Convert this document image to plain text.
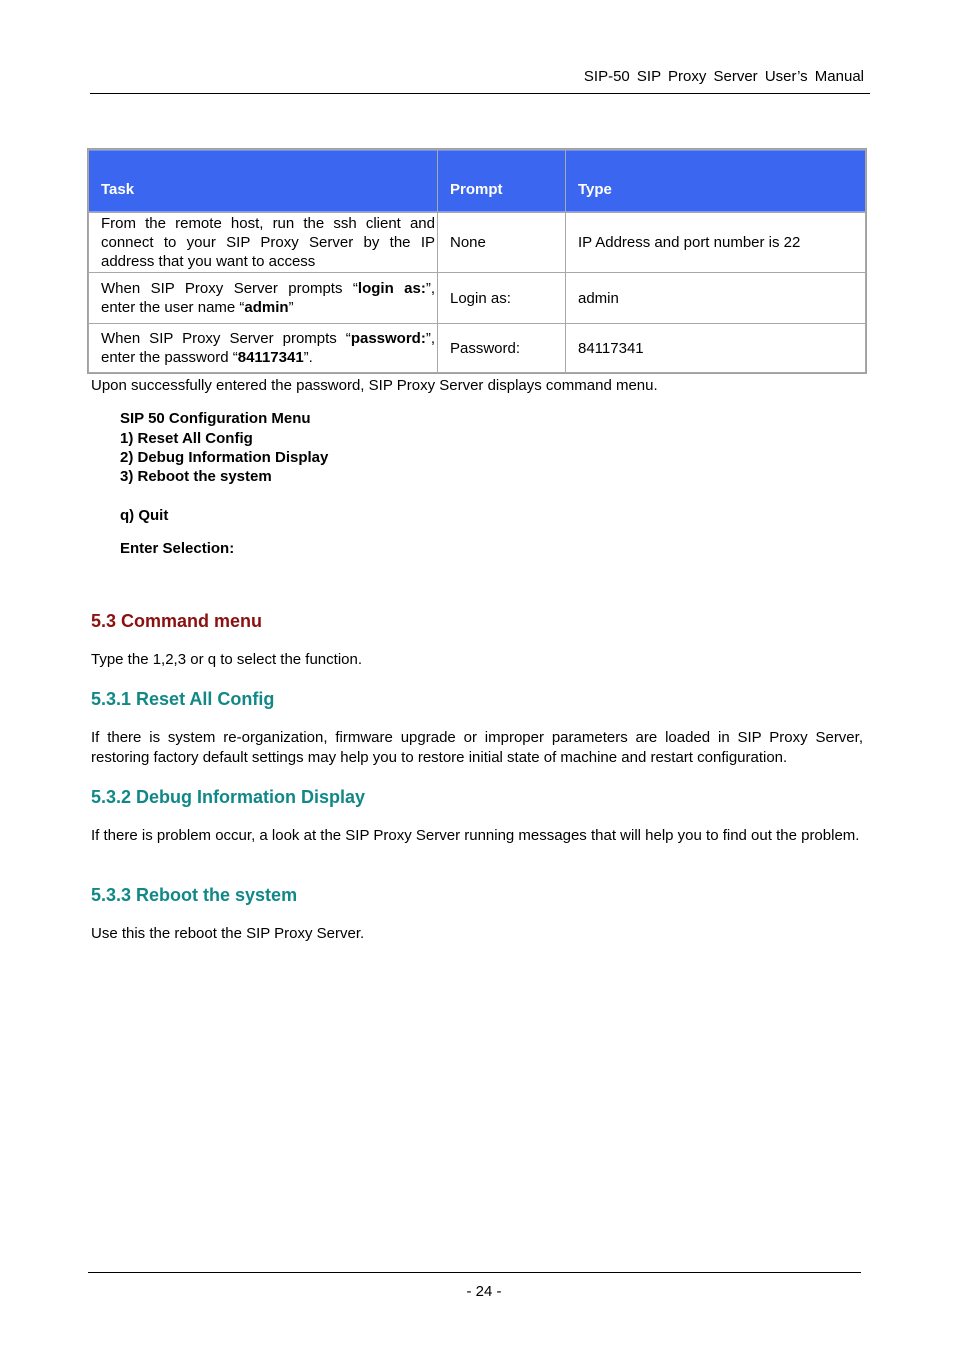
SIP-50 SIP Proxy Server User’s Manual
Task	Prompt	Type
From the remote host, run the ssh client and connect to your SIP Proxy Server by the IP address that you want to access	None	IP Address and port number is 22
When SIP Proxy Server prompts “login as:”, enter the user name “admin”	Login as:	admin
When SIP Proxy Server prompts “password:”, enter the password “84117341”.	Password:	84117341
Upon successfully entered the password, SIP Proxy Server displays command menu.
SIP 50 Configuration Menu
1) Reset All Config
2) Debug Information Display
3) Reboot the system
q) Quit
Enter Selection:
5.3 Command menu
Type the 1,2,3 or q to select the function.
5.3.1 Reset All Config
If there is system re-organization, firmware upgrade or improper parameters are loaded in SIP Proxy Server, restoring factory default settings may help you to restore initial state of machine and restart configuration.
5.3.2 Debug Information Display
If there is problem occur, a look at the SIP Proxy Server running messages that will help you to find out the problem.
5.3.3 Reboot the system
Use this the reboot the SIP Proxy Server.
- 24 -
